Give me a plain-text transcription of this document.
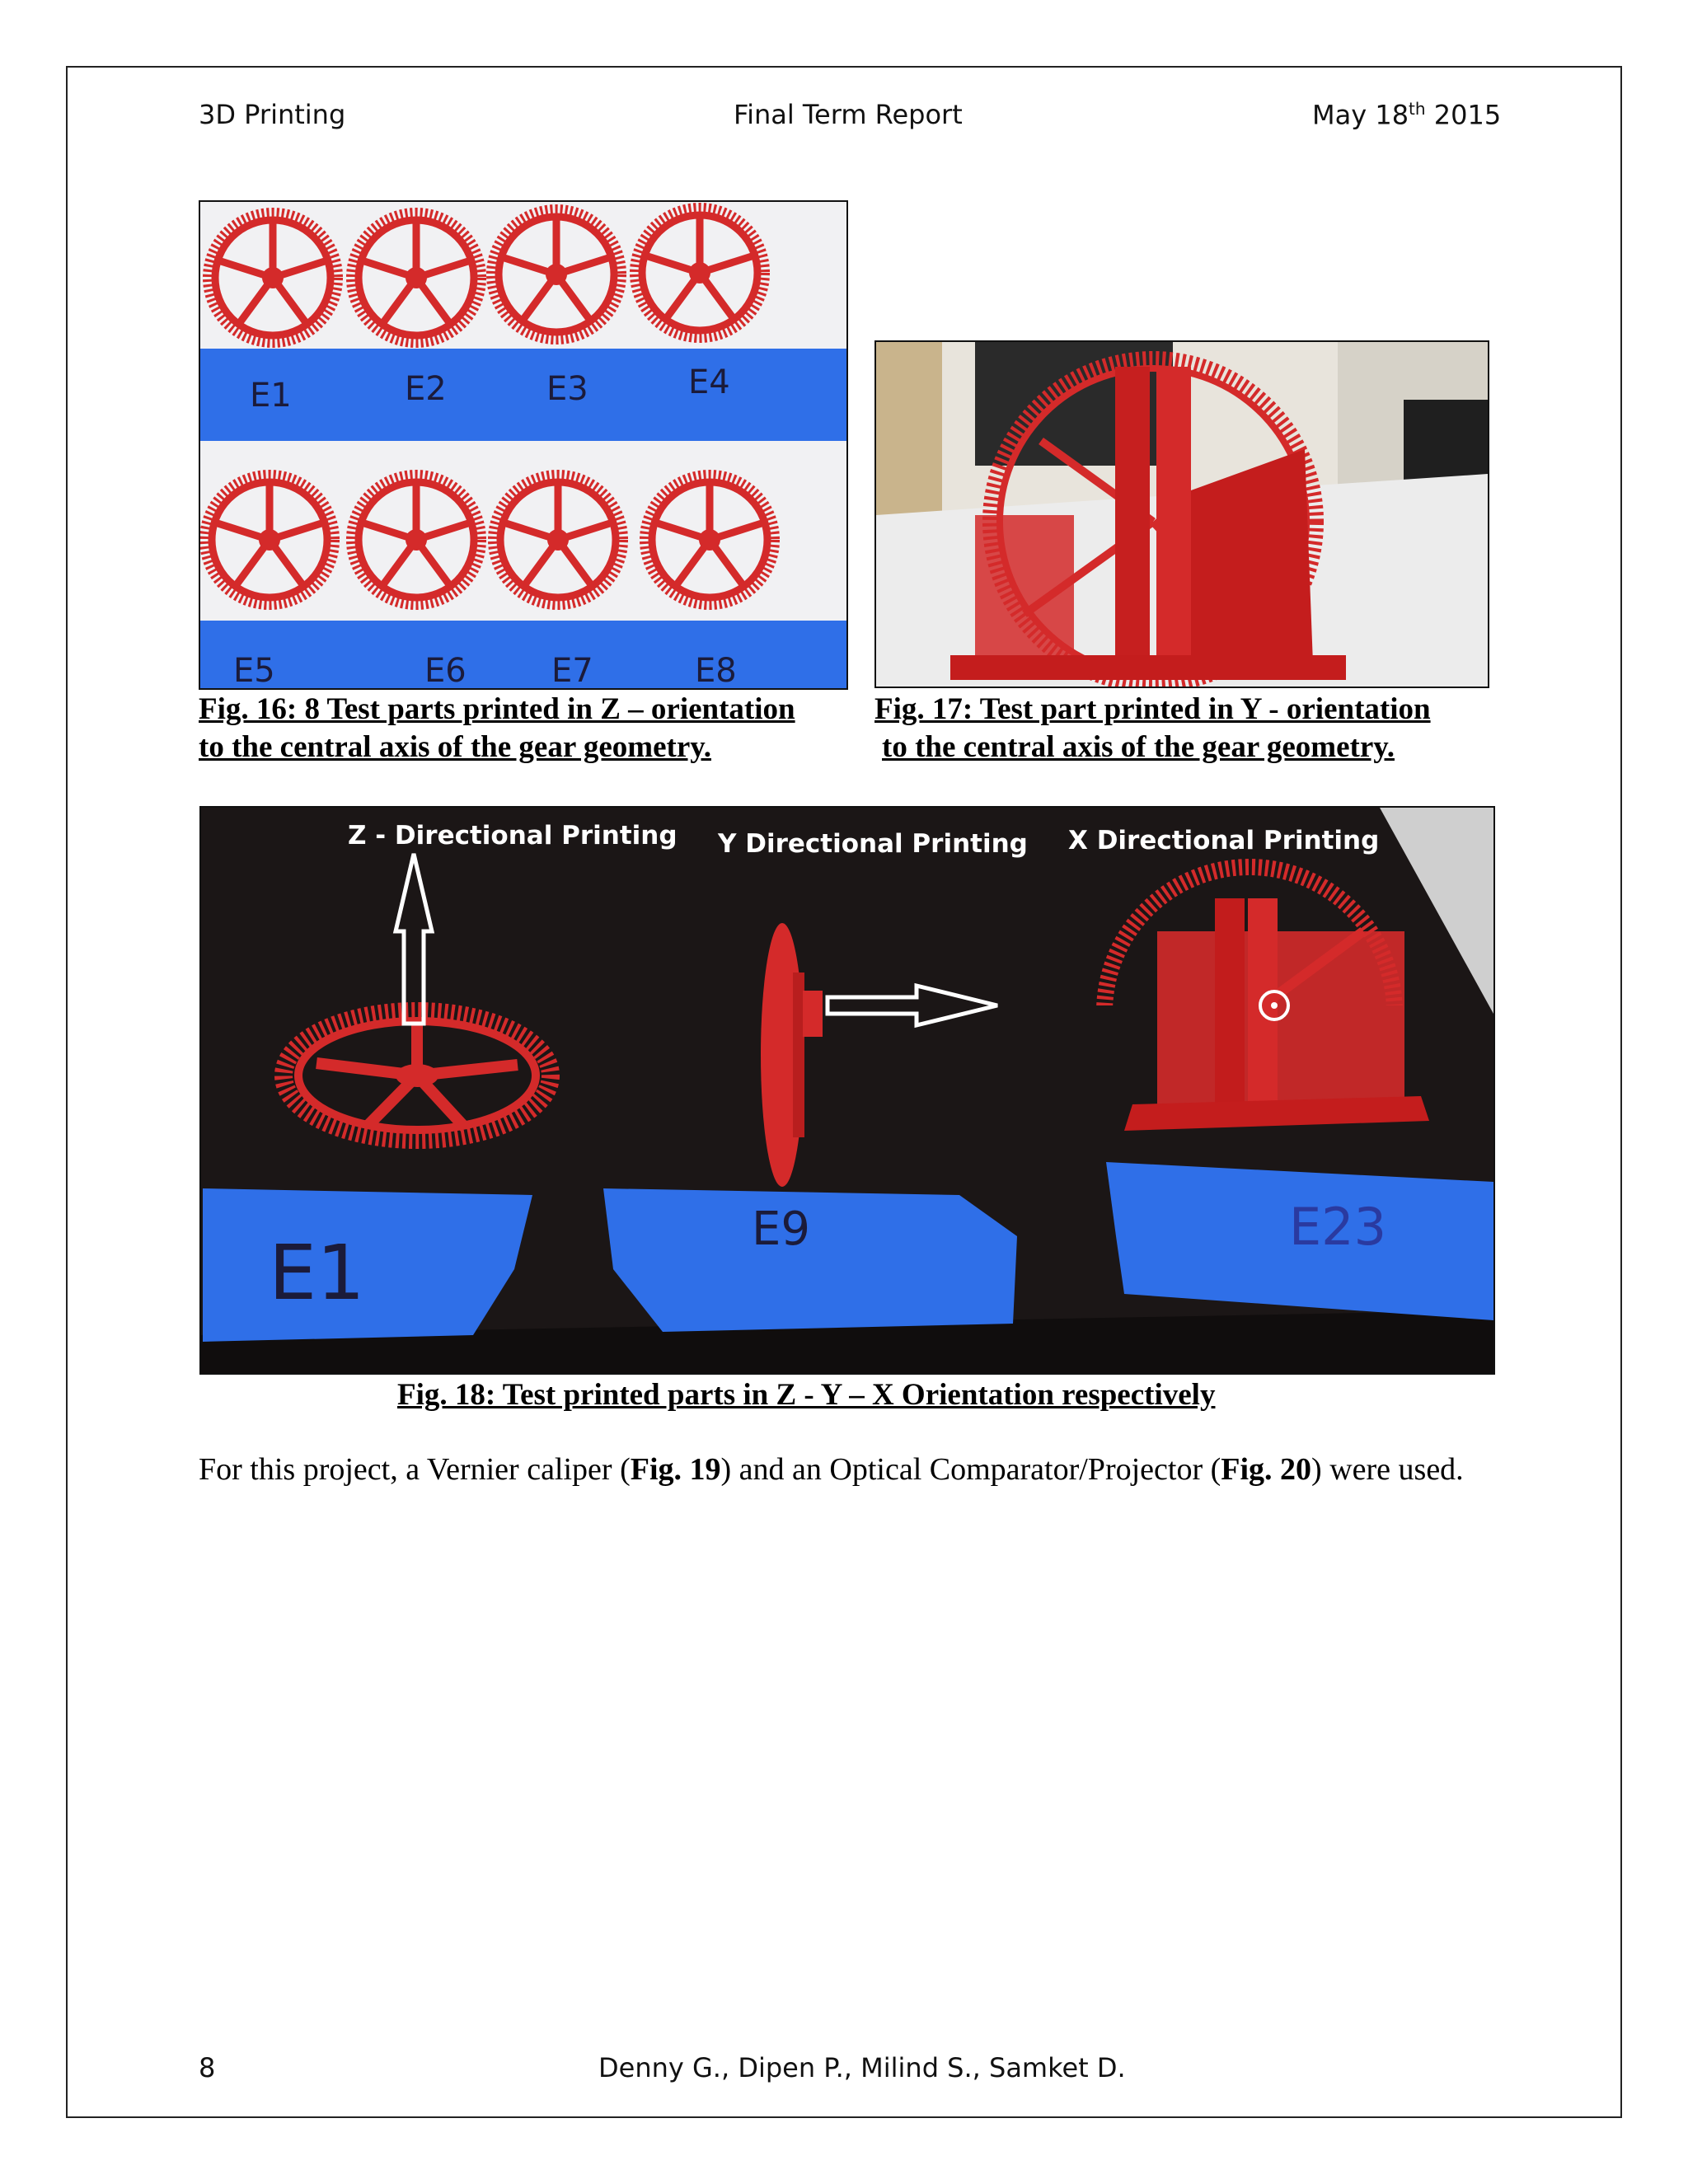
3D Printing	Final Term Report	May 18th 2015
E1	E2	E3	E4
E5	E6	E7	E8
Fig. 16: 8 Test parts printed in Z – orientation
to the central axis of the gear geometry.
Fig. 17: Test part printed in Y - orientation
to the central axis of the gear geometry.
Z - Directional Printing Y Directional Printing X Directional Printing
E1	E9	E23
Fig. 18: Test printed parts in Z - Y – X Orientation respectively
For this project, a Vernier caliper (Fig. 19) and an Optical Comparator/Projector (Fig. 20) were used.
8	Denny G., Dipen P., Milind S., Samket D.
